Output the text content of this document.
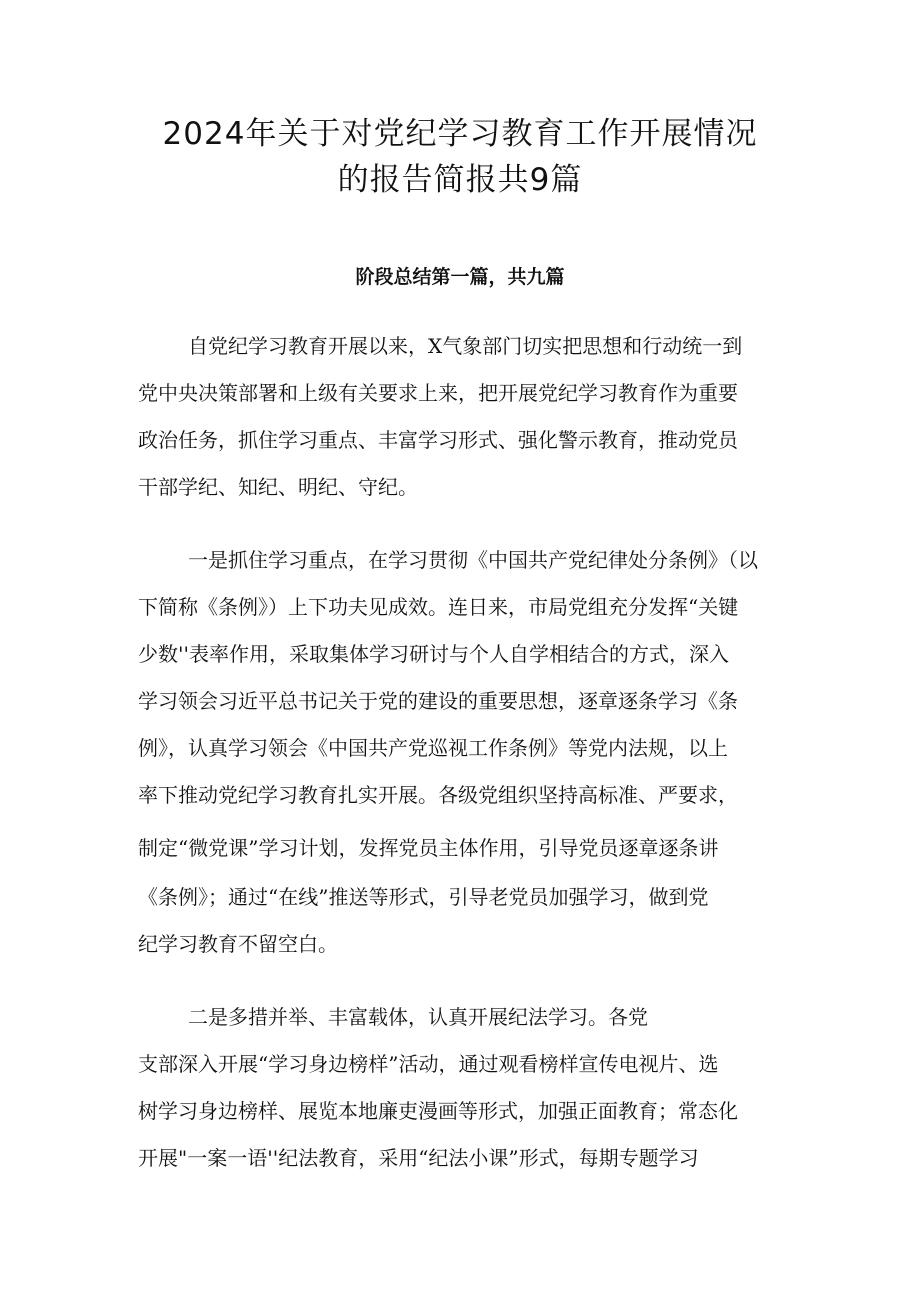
2024年关于对党纪学习教育工作开展情况
的报告简报共9篇
阶段总结第一篇，共九篇

自党纪学习教育开展以来，X气象部门切实把思想和行动统一到

党中央决策部署和上级有关要求上来，把开展党纪学习教育作为重要

政治任务，抓住学习重点、丰富学习形式、强化警示教育，推动党员

干部学纪、知纪、明纪、守纪。

一是抓住学习重点，在学习贯彻《中国共产党纪律处分条例》（以

下简称《条例》）上下功夫见成效。连日来，市局党组充分发挥“关键

少数''表率作用，采取集体学习研讨与个人自学相结合的方式，深入

学习领会习近平总书记关于党的建设的重要思想，逐章逐条学习《条

例》，认真学习领会《中国共产党巡视工作条例》等党内法规，以上

率下推动党纪学习教育扎实开展。各级党组织坚持高标准、严要求，

制定“微党课”学习计划，发挥党员主体作用，引导党员逐章逐条讲

《条例》；通过“在线”推送等形式，引导老党员加强学习，做到党

纪学习教育不留空白。

二是多措并举、丰富载体，认真开展纪法学习。各党

支部深入开展“学习身边榜样”活动，通过观看榜样宣传电视片、选

树学习身边榜样、展览本地廉吏漫画等形式，加强正面教育；常态化

开展"一案一语''纪法教育，采用“纪法小课”形式，每期专题学习
